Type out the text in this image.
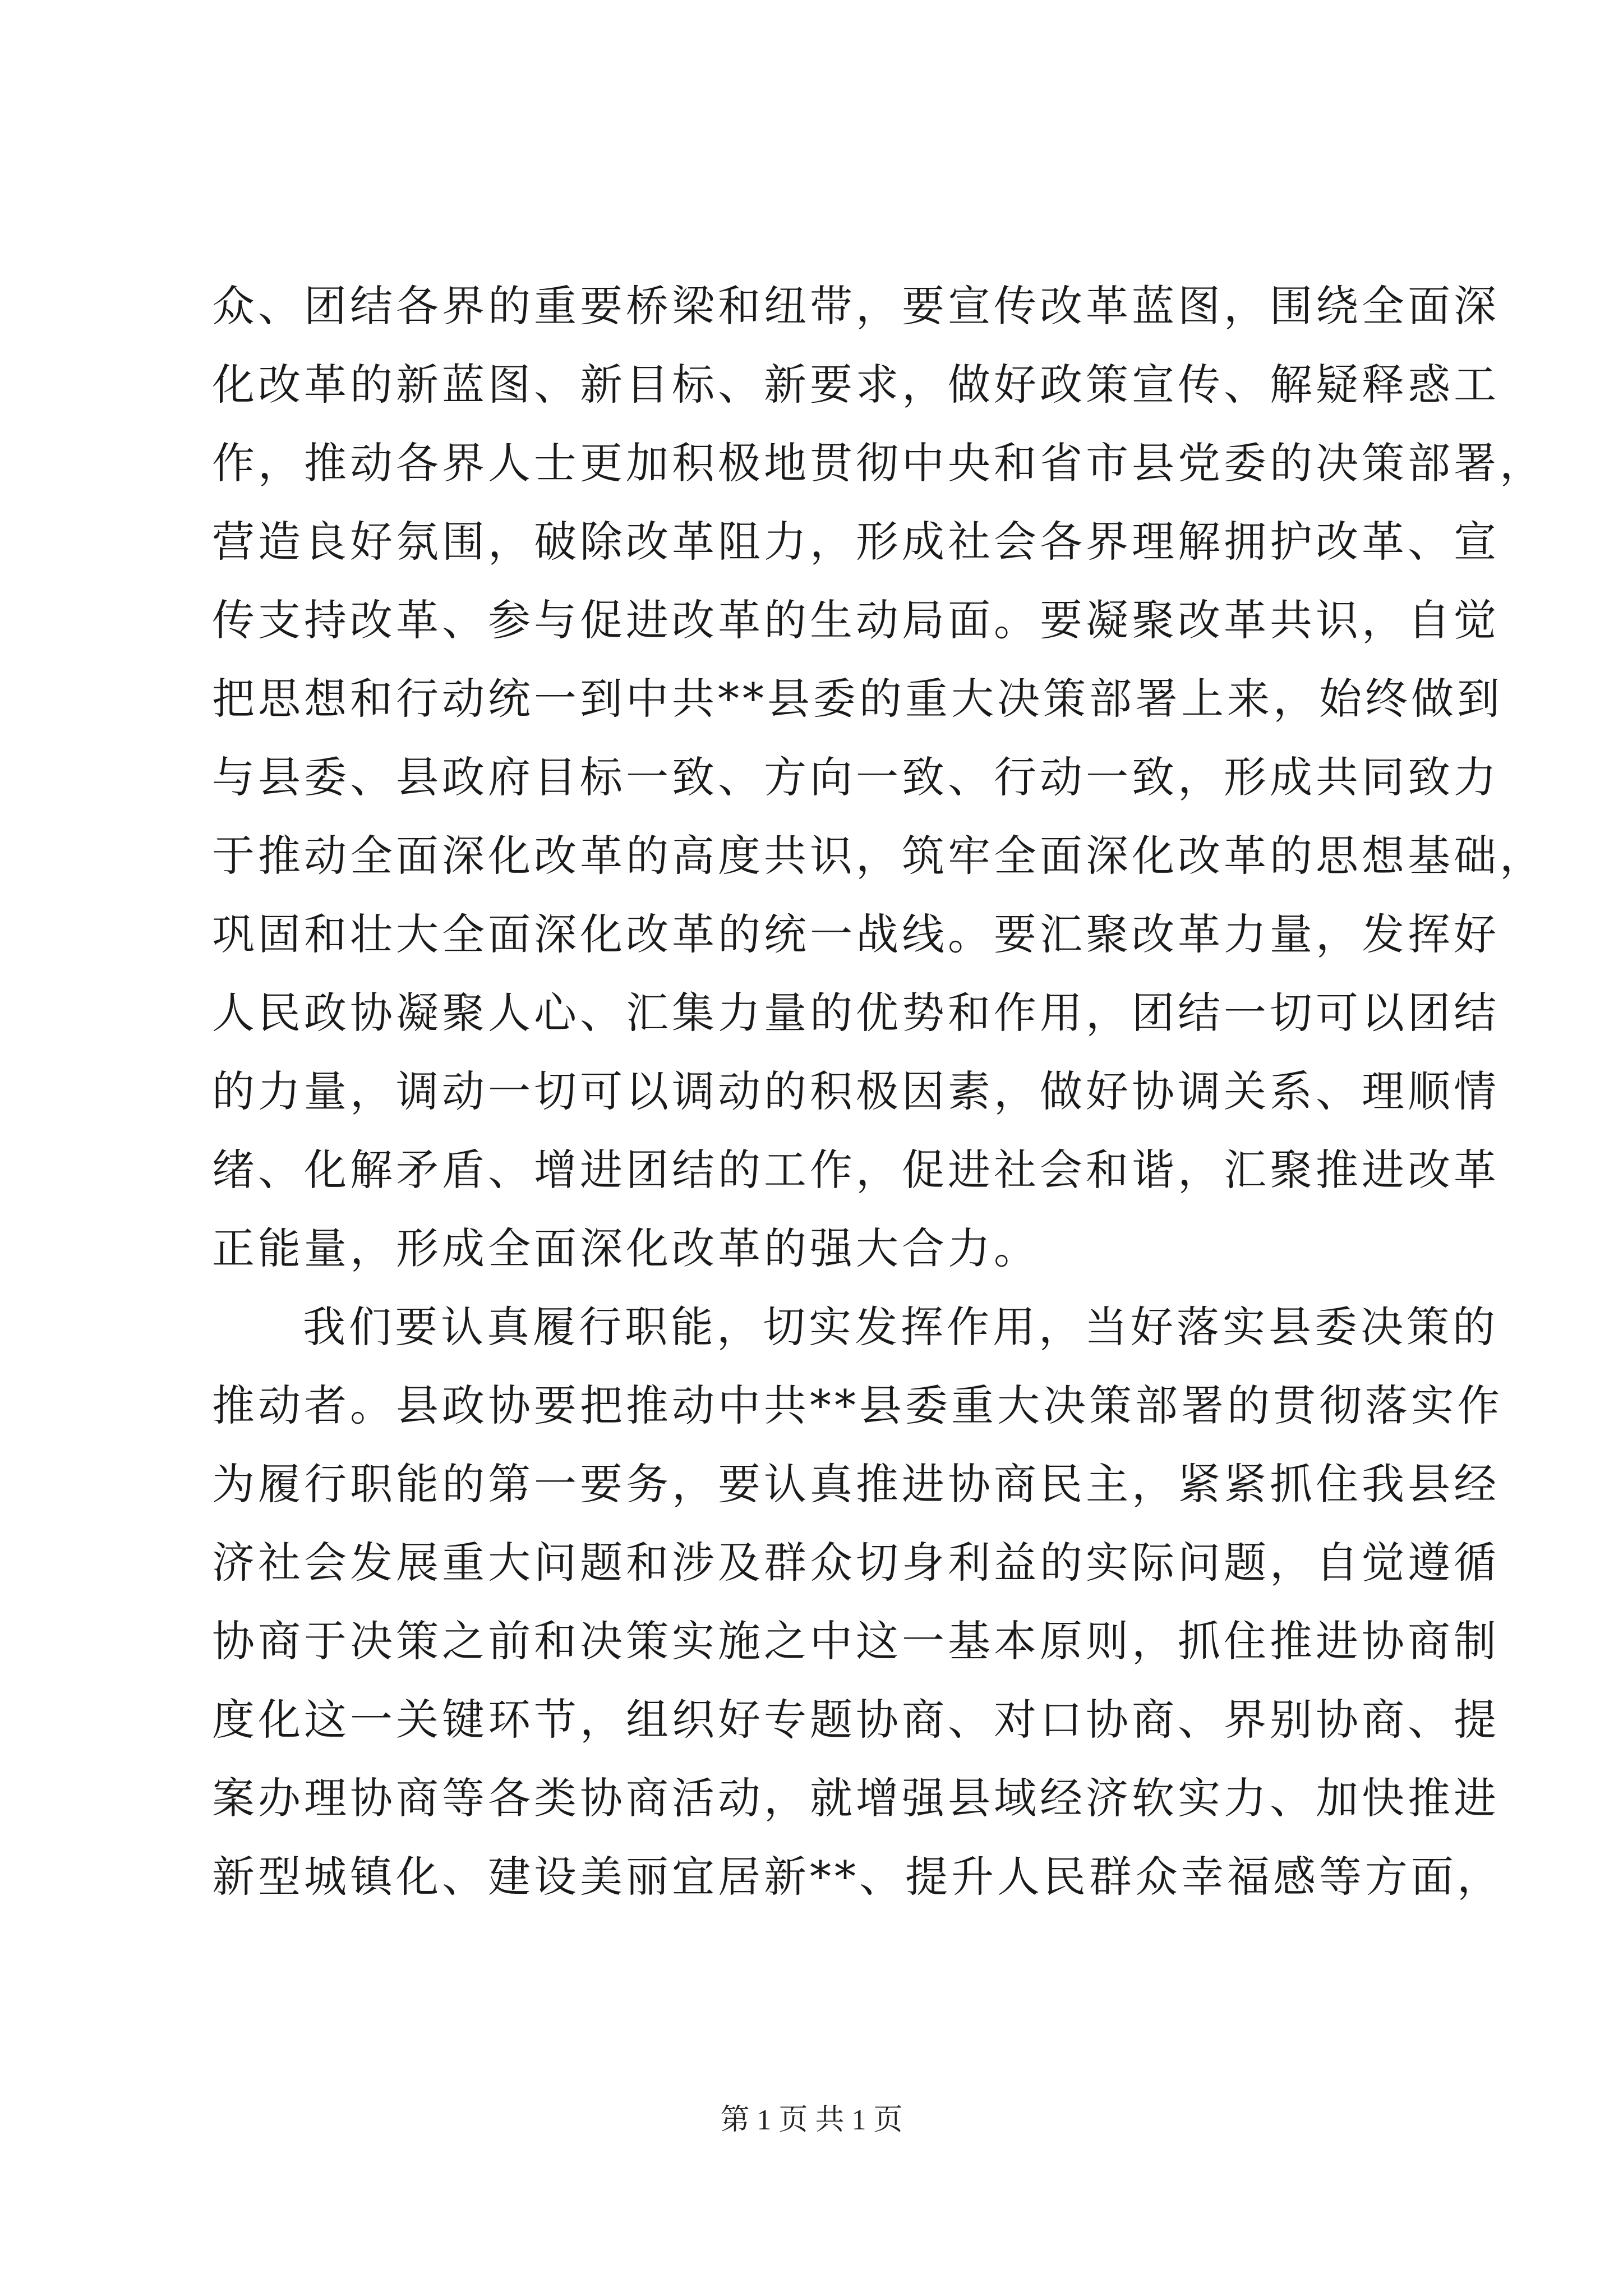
众、团结各界的重要桥梁和纽带，要宣传改革蓝图，围绕全面深
化改革的新蓝图、新目标、新要求，做好政策宣传、解疑释惑工
作，推动各界人士更加积极地贯彻中央和省市县党委的决策部署，
营造良好氛围，破除改革阻力，形成社会各界理解拥护改革、宣
传支持改革、参与促进改革的生动局面。要凝聚改革共识，自觉
把思想和行动统一到中共**县委的重大决策部署上来，始终做到
与县委、县政府目标一致、方向一致、行动一致，形成共同致力
于推动全面深化改革的高度共识，筑牢全面深化改革的思想基础，
巩固和壮大全面深化改革的统一战线。要汇聚改革力量，发挥好
人民政协凝聚人心、汇集力量的优势和作用，团结一切可以团结
的力量，调动一切可以调动的积极因素，做好协调关系、理顺情
绪、化解矛盾、增进团结的工作，促进社会和谐，汇聚推进改革
正能量，形成全面深化改革的强大合力。
我们要认真履行职能，切实发挥作用，当好落实县委决策的
推动者。县政协要把推动中共**县委重大决策部署的贯彻落实作
为履行职能的第一要务，要认真推进协商民主，紧紧抓住我县经
济社会发展重大问题和涉及群众切身利益的实际问题，自觉遵循
协商于决策之前和决策实施之中这一基本原则，抓住推进协商制
度化这一关键环节，组织好专题协商、对口协商、界别协商、提
案办理协商等各类协商活动，就增强县域经济软实力、加快推进
新型城镇化、建设美丽宜居新**、提升人民群众幸福感等方面，
第 1 页 共 1 页
